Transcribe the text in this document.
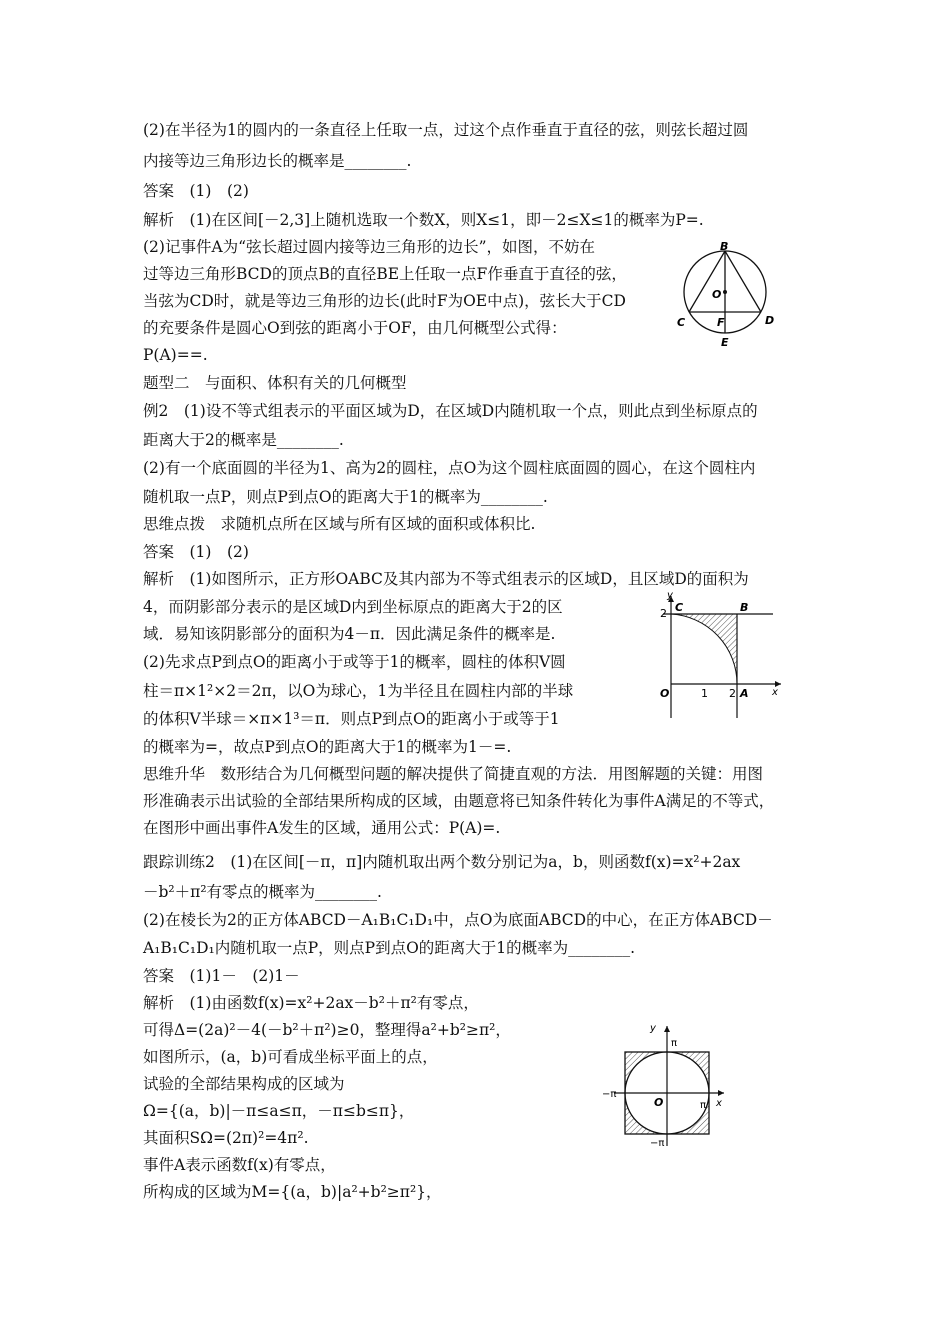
(2)在半径为1的圆内的一条直径上任取一点，过这个点作垂直于直径的弦，则弦长超过圆
内接等边三角形边长的概率是________.
答案　(1)　(2)
解析　(1)在区间[－2,3]上随机选取一个数X，则X≤1，即－2≤X≤1的概率为P=.
(2)记事件A为“弦长超过圆内接等边三角形的边长”，如图，不妨在
过等边三角形BCD的顶点B的直径BE上任取一点F作垂直于直径的弦，
当弦为CD时，就是等边三角形的边长(此时F为OE中点)，弦长大于CD
的充要条件是圆心O到弦的距离小于OF，由几何概型公式得：
P(A)==.
题型二　与面积、体积有关的几何概型
例2　(1)设不等式组表示的平面区域为D，在区域D内随机取一个点，则此点到坐标原点的
距离大于2的概率是________.
(2)有一个底面圆的半径为1、高为2的圆柱，点O为这个圆柱底面圆的圆心，在这个圆柱内
随机取一点P，则点P到点O的距离大于1的概率为________.
思维点拨　求随机点所在区域与所有区域的面积或体积比.
答案　(1)　(2)
解析　(1)如图所示，正方形OABC及其内部为不等式组表示的区域D，且区域D的面积为
4，而阴影部分表示的是区域D内到坐标原点的距离大于2的区
域．易知该阴影部分的面积为4－π．因此满足条件的概率是.
(2)先求点P到点O的距离小于或等于1的概率，圆柱的体积V圆
柱＝π×1²×2＝2π，以O为球心，1为半径且在圆柱内部的半球
的体积V半球＝×π×1³＝π．则点P到点O的距离小于或等于1
的概率为=，故点P到点O的距离大于1的概率为1－=.
思维升华　数形结合为几何概型问题的解决提供了简捷直观的方法．用图解题的关键：用图
形准确表示出试验的全部结果所构成的区域，由题意将已知条件转化为事件A满足的不等式，
在图形中画出事件A发生的区域，通用公式：P(A)=.
跟踪训练2　(1)在区间[－π，π]内随机取出两个数分别记为a，b，则函数f(x)=x²+2ax
－b²＋π²有零点的概率为________.
(2)在棱长为2的正方体ABCD－A₁B₁C₁D₁中，点O为底面ABCD的中心，在正方体ABCD－
A₁B₁C₁D₁内随机取一点P，则点P到点O的距离大于1的概率为________.
答案　(1)1－　(2)1－
解析　(1)由函数f(x)=x²+2ax－b²＋π²有零点，
可得Δ=(2a)²－4(－b²＋π²)≥0，整理得a²+b²≥π²，
如图所示，(a，b)可看成坐标平面上的点，
试验的全部结果构成的区域为
Ω={(a，b)|－π≤a≤π，－π≤b≤π}，
其面积SΩ=(2π)²=4π².
事件A表示函数f(x)有零点，
所构成的区域为M={(a，b)|a²+b²≥π²}，
B
O
C	F	D
E
y
C	B
2
O	1 2 A x
y
π
−π
O	π x
−π
